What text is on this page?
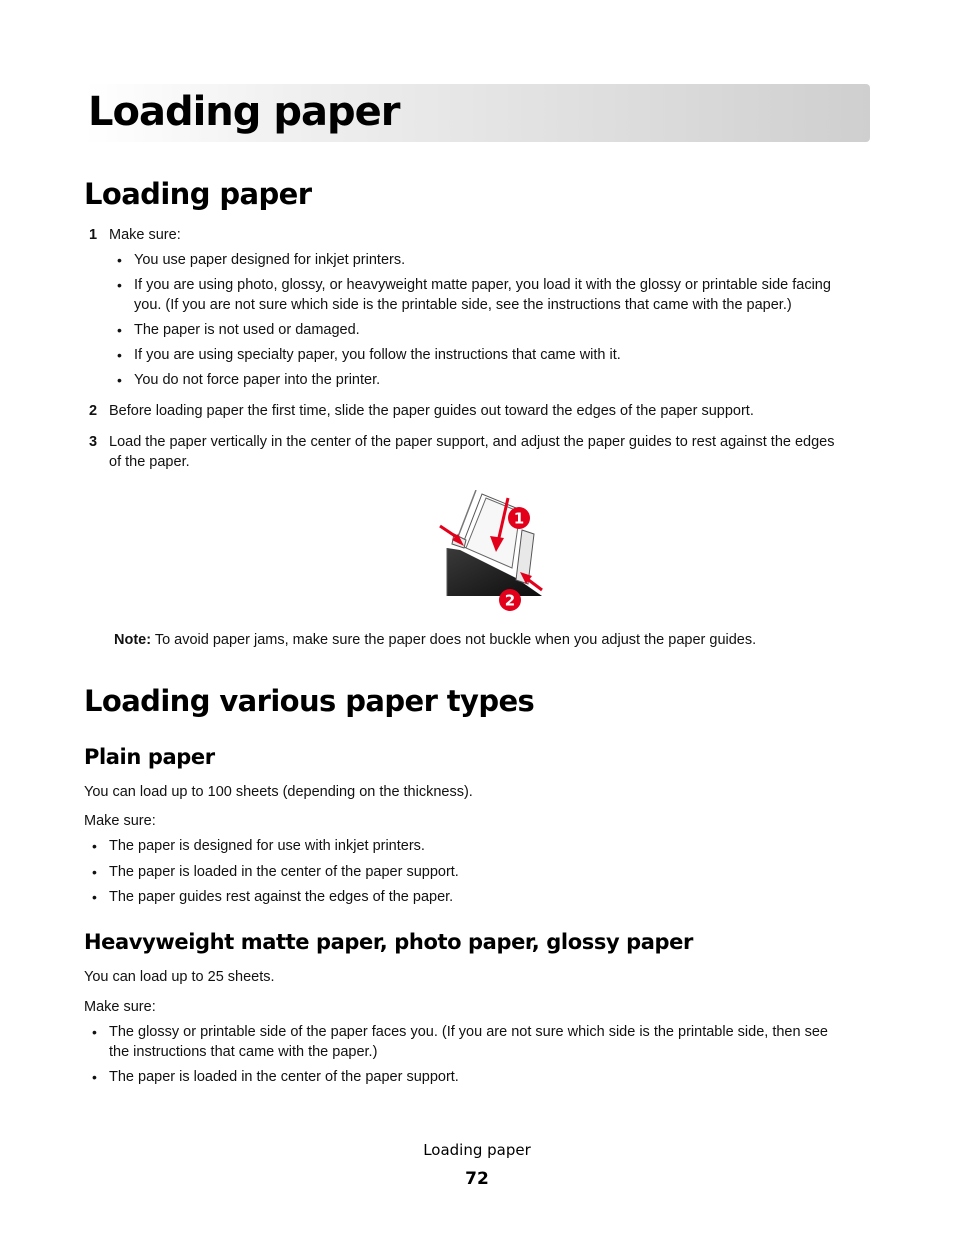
Loading paper
Loading paper
1 Make sure:

• You use paper designed for inkjet printers.

• If you are using photo, glossy, or heavyweight matte paper, you load it with the glossy or printable side facing

you. (If you are not sure which side is the printable side, see the instructions that came with the paper.)

• The paper is not used or damaged.

• If you are using specialty paper, you follow the instructions that came with it.

• You do not force paper into the printer.

2 Before loading paper the first time, slide the paper guides out toward the edges of the paper support.

3 Load the paper vertically in the center of the paper support, and adjust the paper guides to rest against the edges

of the paper.

1
2

Note: To avoid paper jams, make sure the paper does not buckle when you adjust the paper guides.

Loading various paper types
Plain paper

You can load up to 100 sheets (depending on the thickness).

Make sure:

• The paper is designed for use with inkjet printers.

• The paper is loaded in the center of the paper support.

• The paper guides rest against the edges of the paper.

Heavyweight matte paper, photo paper, glossy paper

You can load up to 25 sheets.

Make sure:

• The glossy or printable side of the paper faces you. (If you are not sure which side is the printable side, then see

the instructions that came with the paper.)

• The paper is loaded in the center of the paper support.

Loading paper
72
